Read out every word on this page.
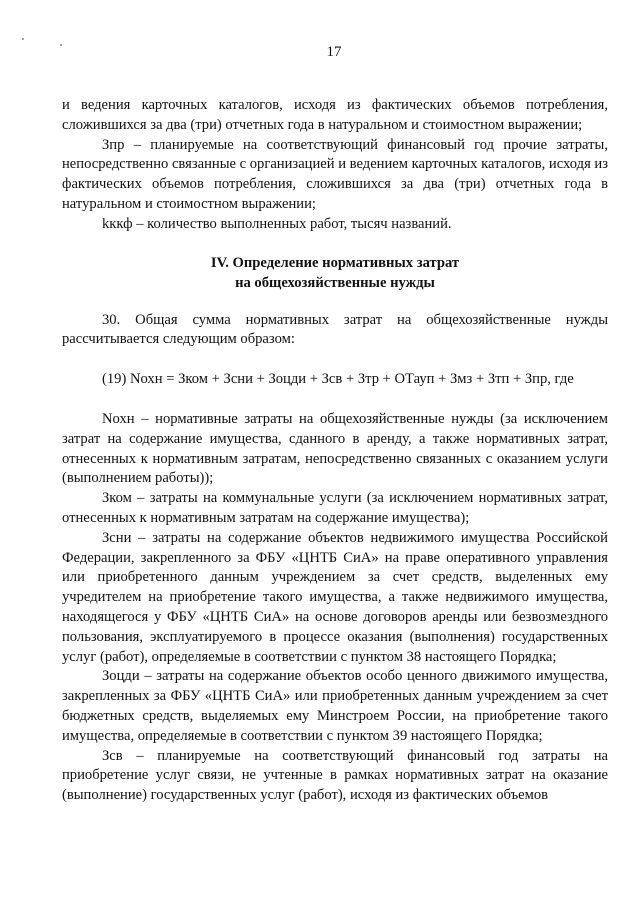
17

и ведения карточных каталогов, исходя из фактических объемов потребления, сложившихся за два (три) отчетных года в натуральном и стоимостном выражении;

Зпр – планируемые на соответствующий финансовый год прочие затраты, непосредственно связанные с организацией и ведением карточных каталогов, исходя из фактических объемов потребления, сложившихся за два (три) отчетных года в натуральном и стоимостном выражении;

kккф – количество выполненных работ, тысяч названий.

IV. Определение нормативных затрат
на общехозяйственные нужды

30. Общая сумма нормативных затрат на общехозяйственные нужды рассчитывается следующим образом:

(19) Nохн = Зком + Зсни + Зоцди + Зсв + Зтр + ОТауп + Змз + Зтп + Зпр, где

Nохн – нормативные затраты на общехозяйственные нужды (за исключением затрат на содержание имущества, сданного в аренду, а также нормативных затрат, отнесенных к нормативным затратам, непосредственно связанных с оказанием услуги (выполнением работы));

Зком – затраты на коммунальные услуги (за исключением нормативных затрат, отнесенных к нормативным затратам на содержание имущества);

Зсни – затраты на содержание объектов недвижимого имущества Российской Федерации, закрепленного за ФБУ «ЦНТБ СиА» на праве оперативного управления или приобретенного данным учреждением за счет средств, выделенных ему учредителем на приобретение такого имущества, а также недвижимого имущества, находящегося у ФБУ «ЦНТБ СиА» на основе договоров аренды или безвозмездного пользования, эксплуатируемого в процессе оказания (выполнения) государственных услуг (работ), определяемые в соответствии с пунктом 38 настоящего Порядка;

Зоцди – затраты на содержание объектов особо ценного движимого имущества, закрепленных за ФБУ «ЦНТБ СиА» или приобретенных данным учреждением за счет бюджетных средств, выделяемых ему Минстроем России, на приобретение такого имущества, определяемые в соответствии с пунктом 39 настоящего Порядка;

Зсв – планируемые на соответствующий финансовый год затраты на приобретение услуг связи, не учтенные в рамках нормативных затрат на оказание (выполнение) государственных услуг (работ), исходя из фактических объемов
